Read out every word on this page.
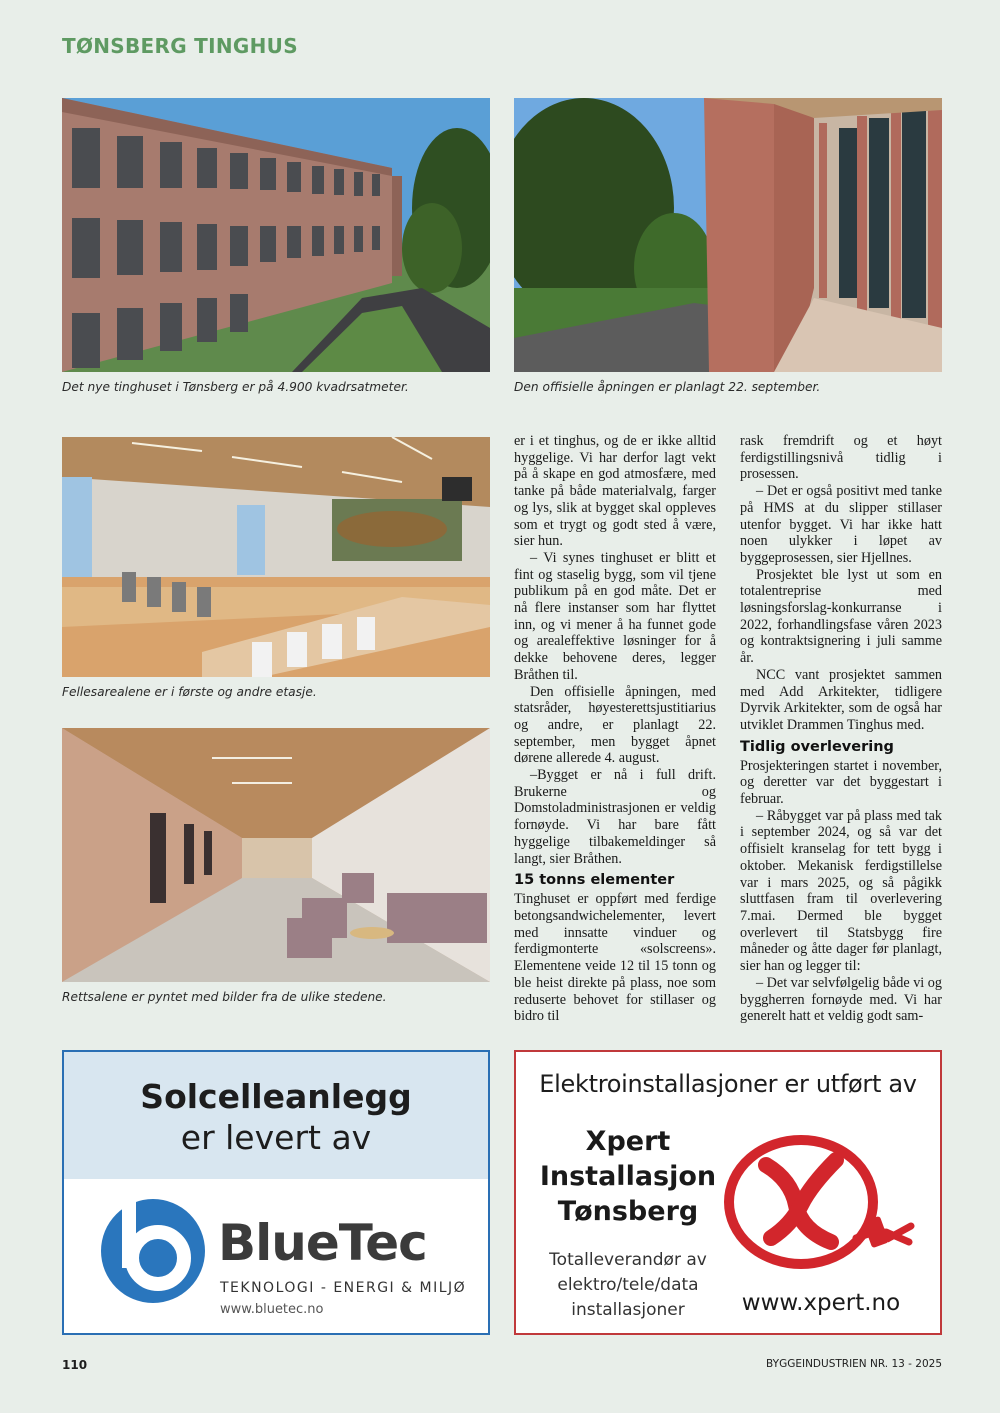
TØNSBERG TINGHUS
Det nye tinghuset i Tønsberg er på 4.900 kvadrsatmeter.	Den offisielle åpningen er planlagt 22. september.
Fellesarealene er i første og andre etasje.
Rettsalene er pyntet med bilder fra de ulike stedene.

er i et tinghus, og de er ikke alltid hyggelige. Vi har derfor lagt vekt på å skape en god atmosfære, med tanke på både materialvalg, farger og lys, slik at bygget skal oppleves som et trygt og godt sted å være, sier hun.

– Vi synes tinghuset er blitt et fint og staselig bygg, som vil tjene publikum på en god måte. Det er nå flere instanser som har flyttet inn, og vi mener å ha funnet gode og arealeffektive løsninger for å dekke behovene deres, legger Bråthen til.

Den offisielle åpningen, med statsråder, høyesterettsjustitiarius og andre, er planlagt 22. september, men bygget åpnet dørene allerede 4. august.

–Bygget er nå i full drift. Brukerne og Domstoladministrasjonen er veldig fornøyde. Vi har bare fått hyggelige tilbakemeldinger så langt, sier Bråthen.

15 tonns elementer

Tinghuset er oppført med ferdige betongsandwichelementer, levert med innsatte vinduer og ferdigmonterte «solscreens». Elementene veide 12 til 15 tonn og ble heist direkte på plass, noe som reduserte behovet for stillaser og bidro til

rask fremdrift og et høyt ferdigstillingsnivå tidlig i prosessen.

– Det er også positivt med tanke på HMS at du slipper stillaser utenfor bygget. Vi har ikke hatt noen ulykker i løpet av byggeprosessen, sier Hjellnes.

Prosjektet ble lyst ut som en totalentreprise med løsningsforslag-konkurranse i 2022, forhandlingsfase våren 2023 og kontraktsignering i juli samme år.

NCC vant prosjektet sammen med Add Arkitekter, tidligere Dyrvik Arkitekter, som de også har utviklet Drammen Tinghus med.

Tidlig overlevering

Prosjekteringen startet i november, og deretter var det byggestart i februar.

– Råbygget var på plass med tak i september 2024, og så var det offisielt kranselag for tett bygg i oktober. Mekanisk ferdigstillelse var i mars 2025, og så pågikk sluttfasen fram til overlevering 7.mai. Dermed ble bygget overlevert til Statsbygg fire måneder og åtte dager før planlagt, sier han og legger til:

– Det var selvfølgelig både vi og byggherren fornøyde med. Vi har generelt hatt et veldig godt sam-

Solcelleanlegg
er levert av
BlueTec
TEKNOLOGI - ENERGI & MILJØ
www.bluetec.no
Elektroinstallasjoner er utført av
Xpert
Installasjon
Tønsberg
Totalleverandør av
elektro/tele/data
installasjoner	www.xpert.no
110	BYGGEINDUSTRIEN NR. 13 - 2025
